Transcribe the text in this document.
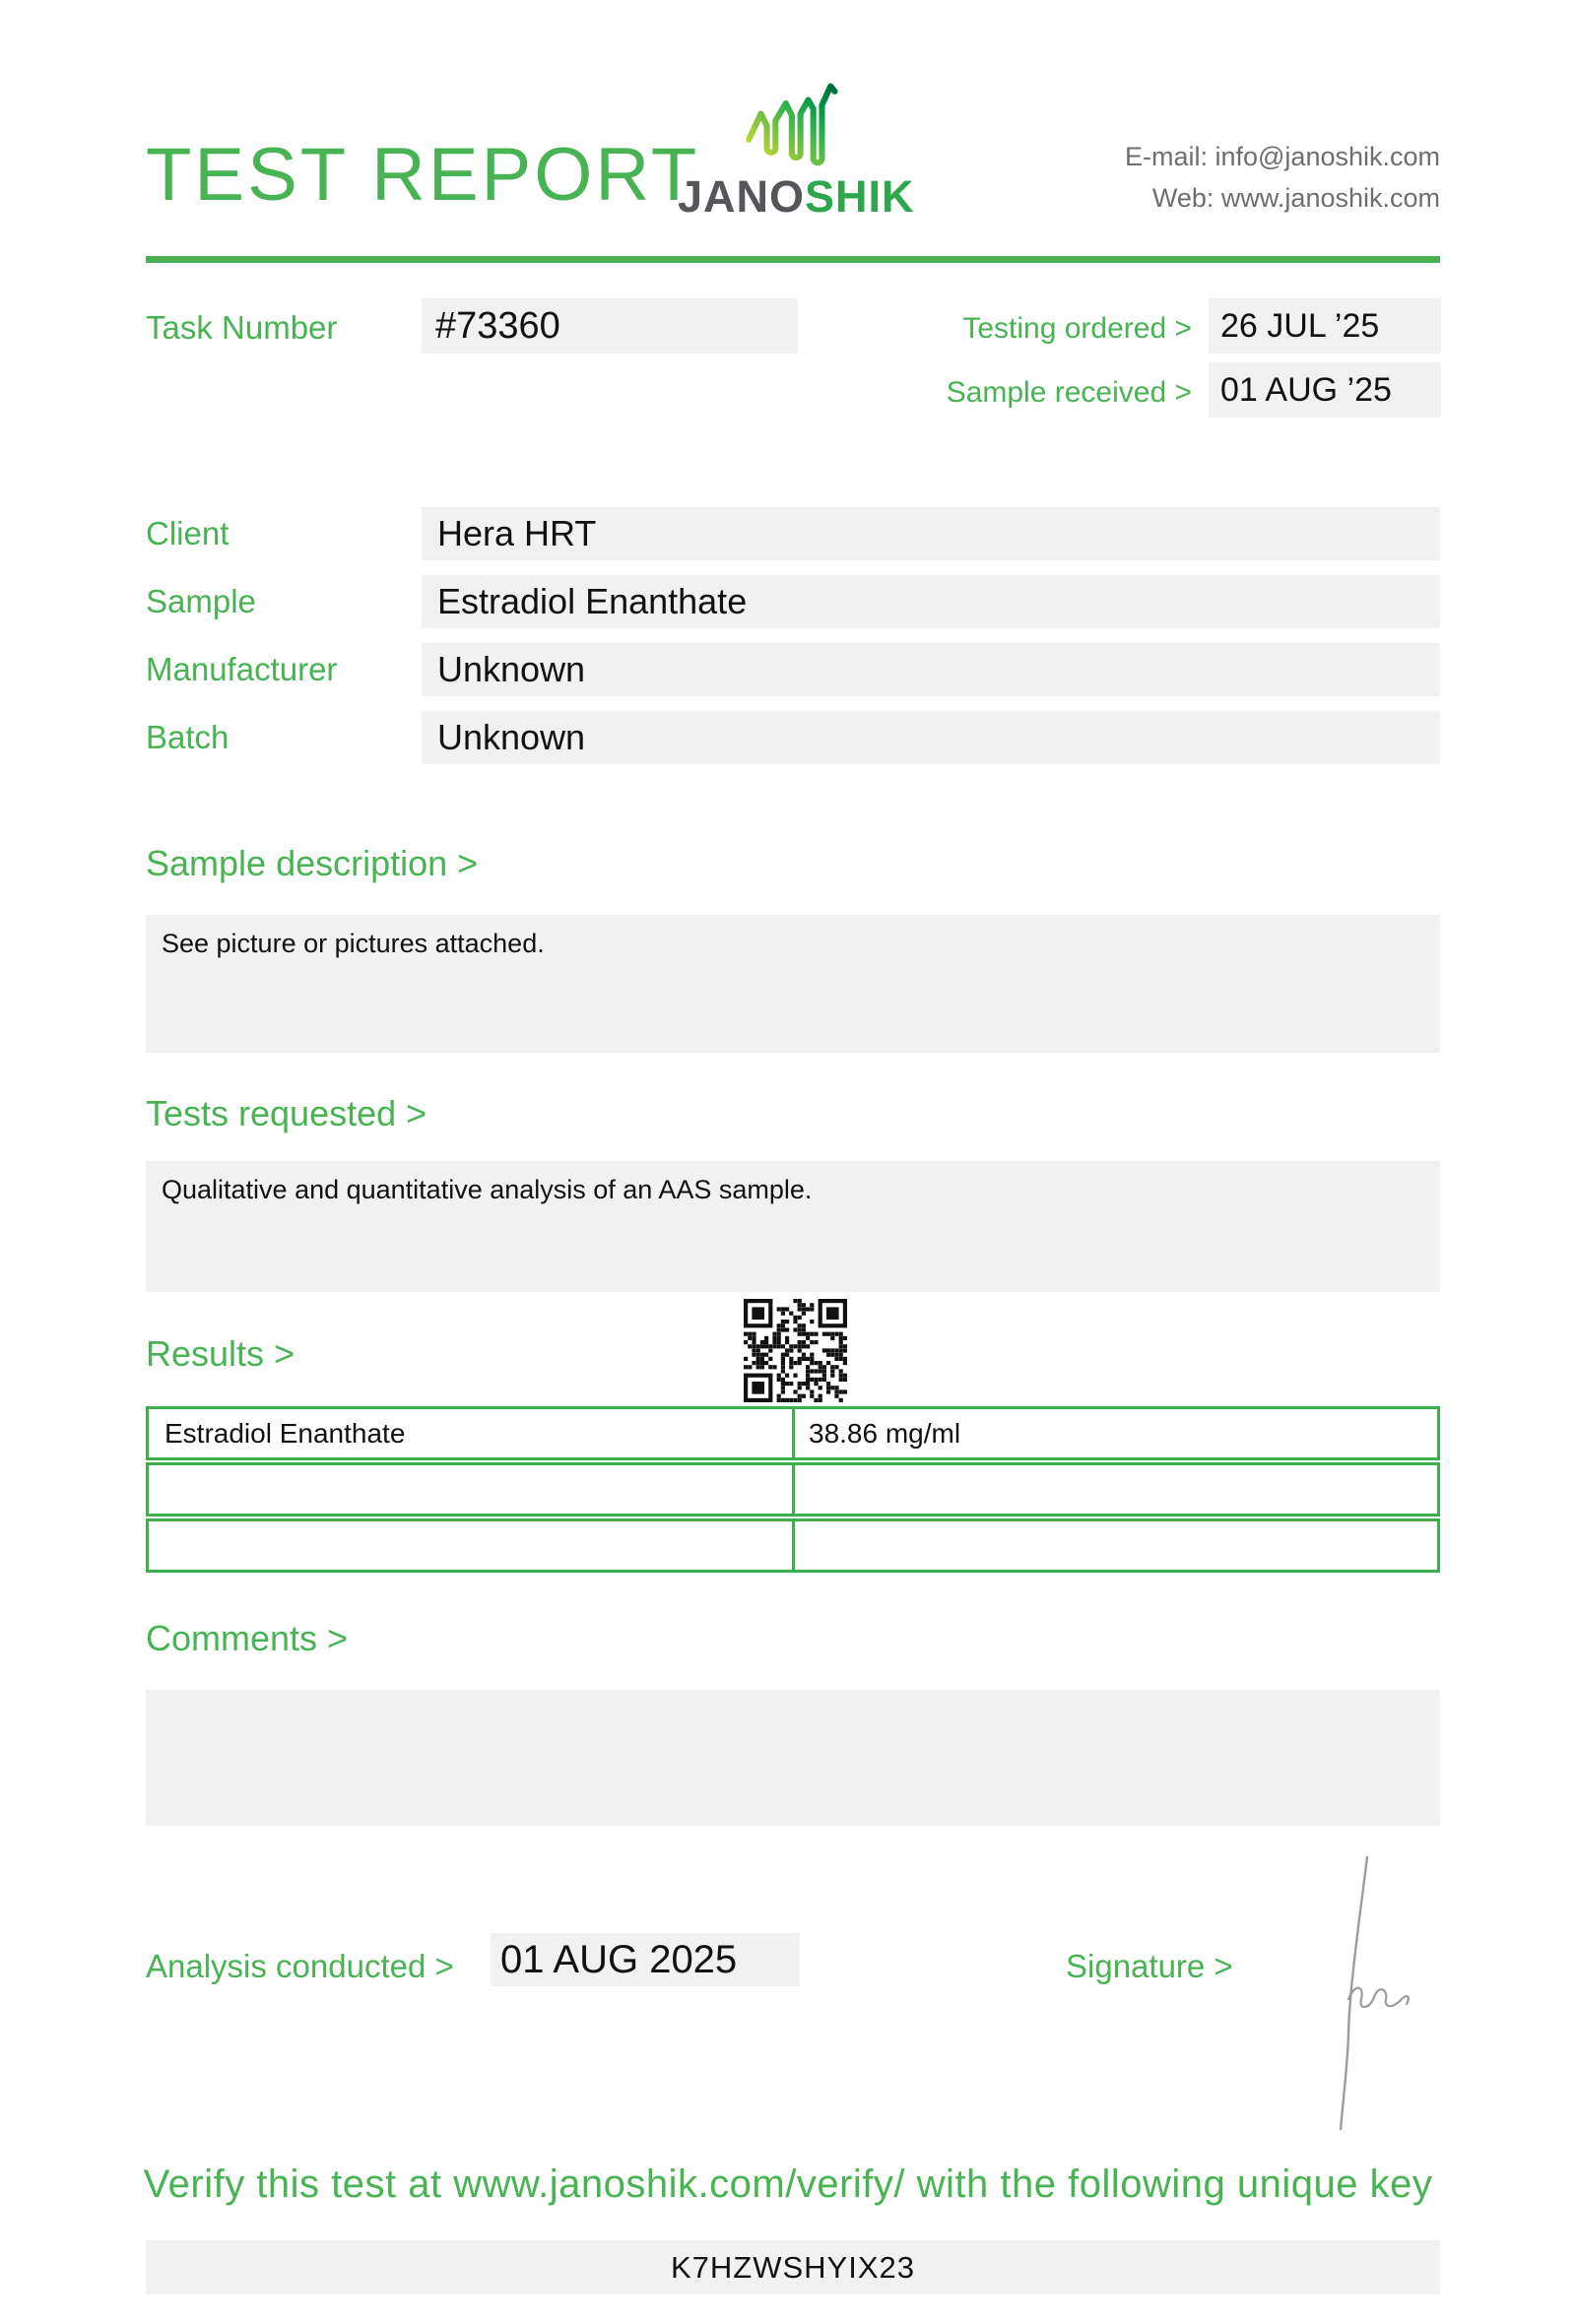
TEST REPORT
JANOSHIK
E-mail: info@janoshik.com
Web: www.janoshik.com
Task Number	#73360	Testing ordered > 26 JUL ’25
Sample received > 01 AUG ’25
Client	Hera HRT
Sample	Estradiol Enanthate
Manufacturer	Unknown
Batch	Unknown
Sample description >
See picture or pictures attached.
Tests requested >
Qualitative and quantitative analysis of an AAS sample.
Results >
Estradiol Enanthate	38.86 mg/ml
Comments >
Analysis conducted > 01 AUG 2025	Signature >
Verify this test at www.janoshik.com/verify/ with the following unique key
K7HZWSHYIX23
